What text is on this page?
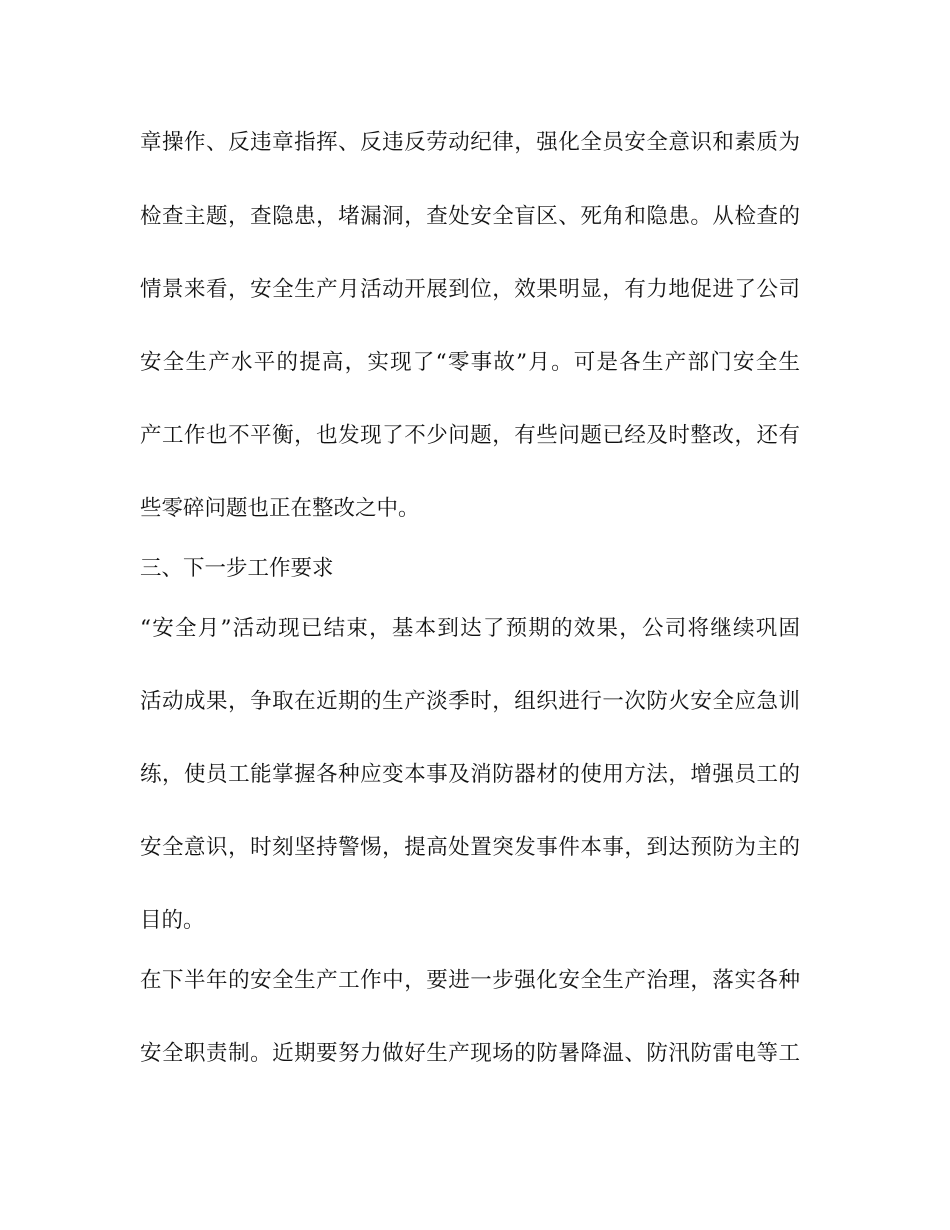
章操作、反违章指挥、反违反劳动纪律，强化全员安全意识和素质为

检查主题，查隐患，堵漏洞，查处安全盲区、死角和隐患。从检查的

情景来看，安全生产月活动开展到位，效果明显，有力地促进了公司

安全生产水平的提高，实现了“零事故”月。可是各生产部门安全生

产工作也不平衡，也发现了不少问题，有些问题已经及时整改，还有

些零碎问题也正在整改之中。

三、下一步工作要求

“安全月”活动现已结束，基本到达了预期的效果，公司将继续巩固

活动成果，争取在近期的生产淡季时，组织进行一次防火安全应急训

练，使员工能掌握各种应变本事及消防器材的使用方法，增强员工的

安全意识，时刻坚持警惕，提高处置突发事件本事，到达预防为主的

目的。

在下半年的安全生产工作中，要进一步强化安全生产治理，落实各种

安全职责制。近期要努力做好生产现场的防暑降温、防汛防雷电等工
